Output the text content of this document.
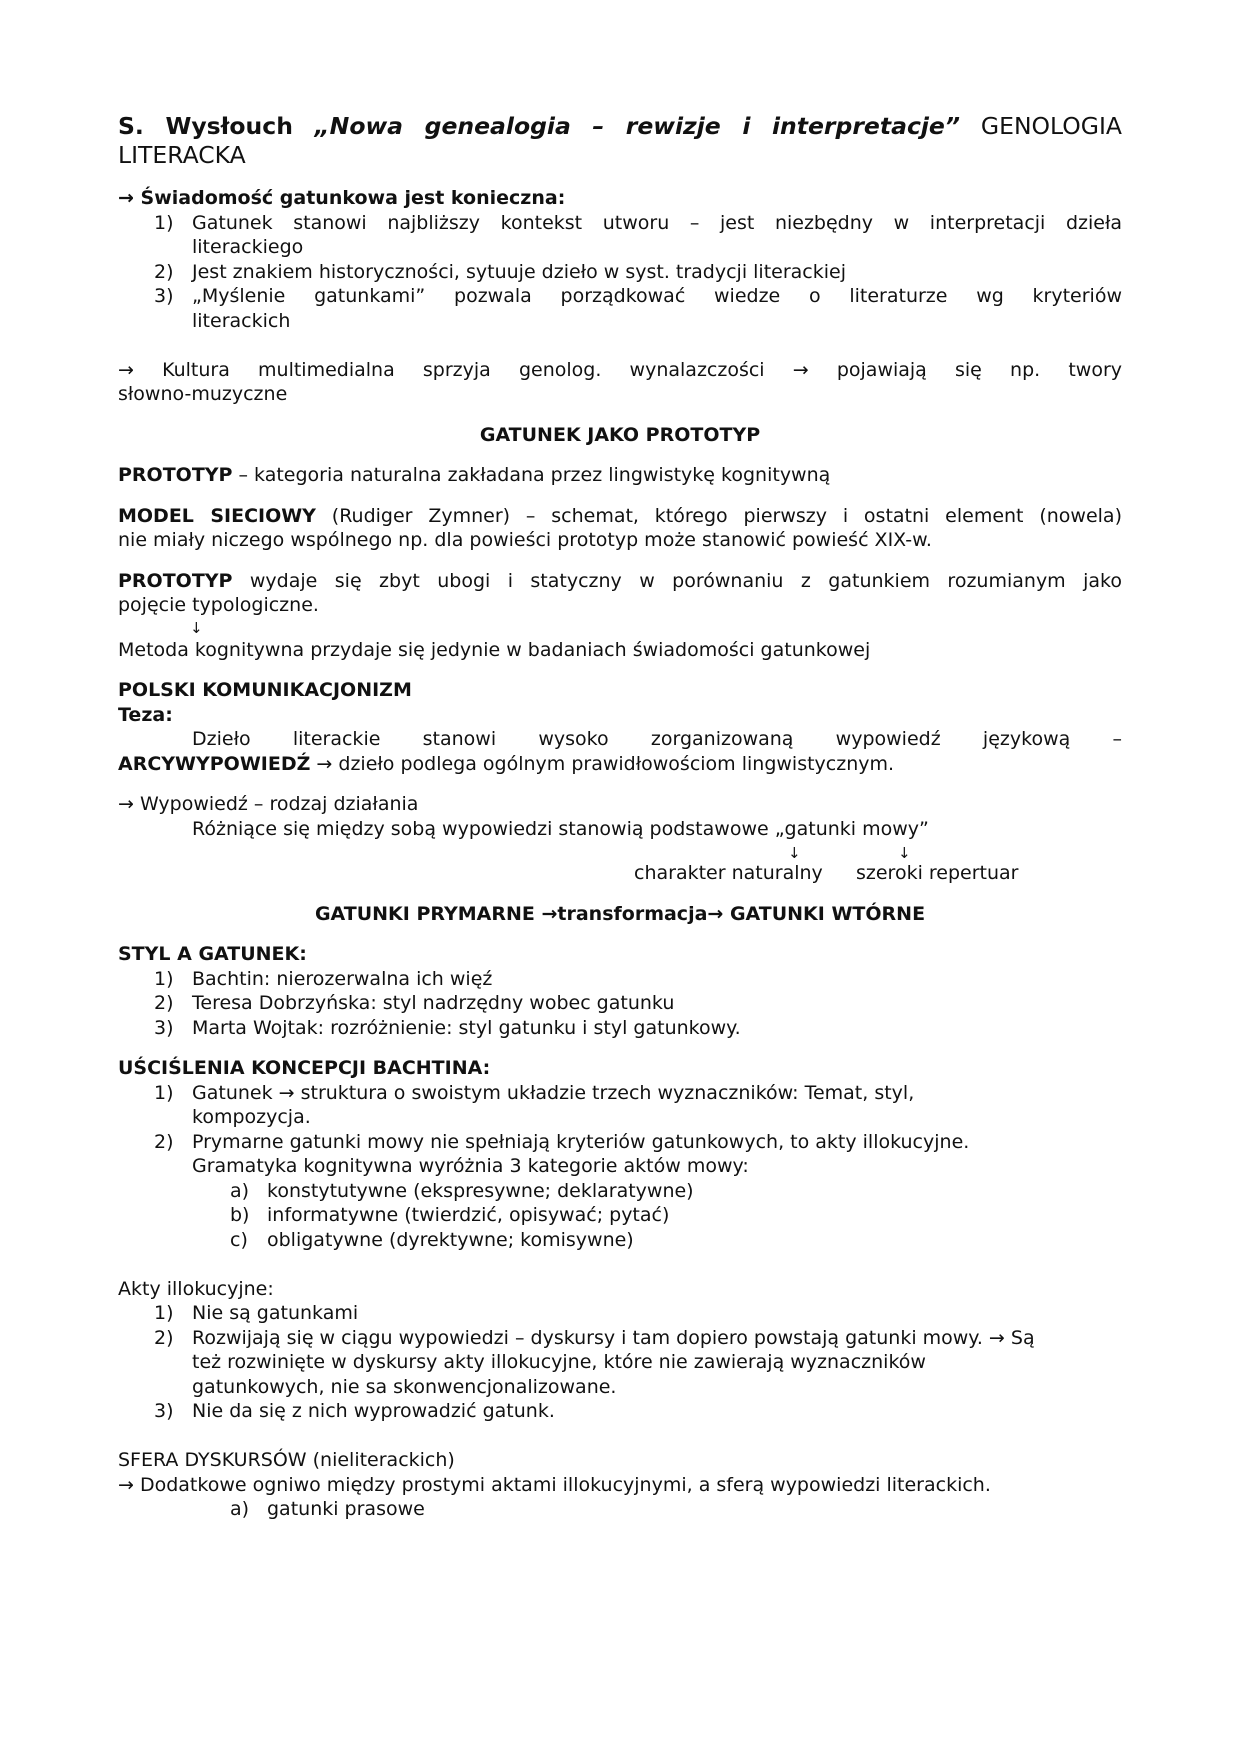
S. Wysłouch „Nowa genealogia – rewizje i interpretacje” GENOLOGIA LITERACKA

→ Świadomość gatunkowa jest konieczna:

1) Gatunek stanowi najbliższy kontekst utworu – jest niezbędny w interpretacji dzieła

literackiego

2) Jest znakiem historyczności, sytuuje dzieło w syst. tradycji literackiej

3) „Myślenie gatunkami” pozwala porządkować wiedze o literaturze wg kryteriów

literackich

→ Kultura multimedialna sprzyja genolog. wynalazczości → pojawiają się np. twory

słowno-muzyczne

GATUNEK JAKO PROTOTYP

PROTOTYP – kategoria naturalna zakładana przez lingwistykę kognitywną

MODEL SIECIOWY (Rudiger Zymner) – schemat, którego pierwszy i ostatni element (nowela)

nie miały niczego wspólnego np. dla powieści prototyp może stanowić powieść XIX-w.

PROTOTYP wydaje się zbyt ubogi i statyczny w porównaniu z gatunkiem rozumianym jako

pojęcie typologiczne.

↓

Metoda kognitywna przydaje się jedynie w badaniach świadomości gatunkowej

POLSKI KOMUNIKACJONIZM

Teza:

Dzieło literackie stanowi wysoko zorganizowaną wypowiedź językową –

ARCYWYPOWIEDŹ → dzieło podlega ogólnym prawidłowościom lingwistycznym.

→ Wypowiedź – rodzaj działania

Różniące się między sobą wypowiedzi stanowią podstawowe „gatunki mowy”

↓	↓
charakter naturalny szeroki repertuar

GATUNKI PRYMARNE →transformacja→ GATUNKI WTÓRNE

STYL A GATUNEK:

1) Bachtin: nierozerwalna ich więź

2) Teresa Dobrzyńska: styl nadrzędny wobec gatunku

3) Marta Wojtak: rozróżnienie: styl gatunku i styl gatunkowy.

UŚCIŚLENIA KONCEPCJI BACHTINA:

1) Gatunek → struktura o swoistym układzie trzech wyznaczników: Temat, styl,

kompozycja.

2) Prymarne gatunki mowy nie spełniają kryteriów gatunkowych, to akty illokucyjne.

Gramatyka kognitywna wyróżnia 3 kategorie aktów mowy:

a) konstytutywne (ekspresywne; deklaratywne)

b) informatywne (twierdzić, opisywać; pytać)

c) obligatywne (dyrektywne; komisywne)

Akty illokucyjne:

1) Nie są gatunkami

2) Rozwijają się w ciągu wypowiedzi – dyskursy i tam dopiero powstają gatunki mowy. → Są

też rozwinięte w dyskursy akty illokucyjne, które nie zawierają wyznaczników

gatunkowych, nie sa skonwencjonalizowane.

3) Nie da się z nich wyprowadzić gatunk.

SFERA DYSKURSÓW (nieliterackich)

→ Dodatkowe ogniwo między prostymi aktami illokucyjnymi, a sferą wypowiedzi literackich.

a) gatunki prasowe
